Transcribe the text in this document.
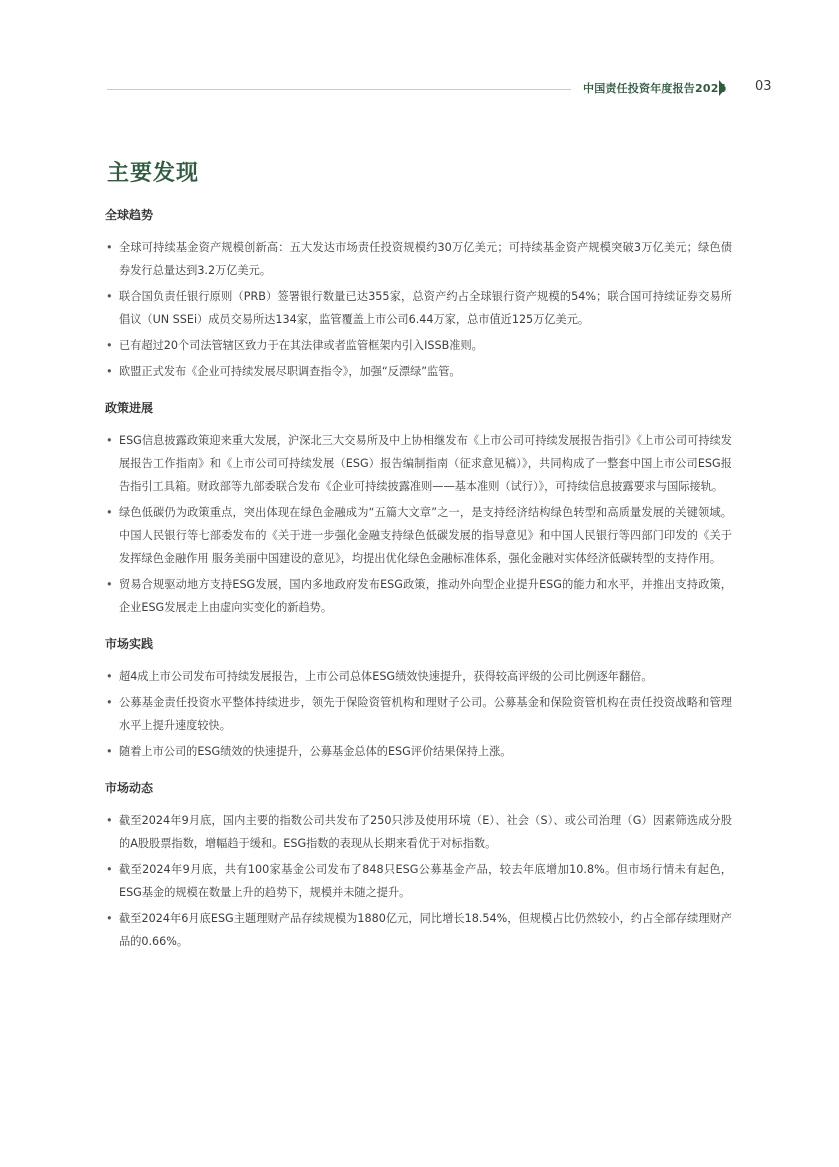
中国责任投资年度报告2024 03
主要发现
全球趋势
• 全球可持续基金资产规模创新高：五大发达市场责任投资规模约30万亿美元；可持续基金资产规模突破3万亿美元；绿色债券发行总量达到3.2万亿美元。
• 联合国负责任银行原则（PRB）签署银行数量已达355家，总资产约占全球银行资产规模的54%；联合国可持续证券交易所倡议（UN SSEi）成员交易所达134家，监管覆盖上市公司6.44万家，总市值近125万亿美元。
• 已有超过20个司法管辖区致力于在其法律或者监管框架内引入ISSB准则。
• 欧盟正式发布《企业可持续发展尽职调查指令》，加强“反漂绿”监管。
政策进展
• ESG信息披露政策迎来重大发展，沪深北三大交易所及中上协相继发布《上市公司可持续发展报告指引》《上市公司可持续发展报告工作指南》和《上市公司可持续发展（ESG）报告编制指南（征求意见稿）》，共同构成了一整套中国上市公司ESG报告指引工具箱。财政部等九部委联合发布《企业可持续披露准则——基本准则（试行）》，可持续信息披露要求与国际接轨。
• 绿色低碳仍为政策重点，突出体现在绿色金融成为“五篇大文章”之一，是支持经济结构绿色转型和高质量发展的关键领域。中国人民银行等七部委发布的《关于进一步强化金融支持绿色低碳发展的指导意见》和中国人民银行等四部门印发的《关于发挥绿色金融作用 服务美丽中国建设的意见》，均提出优化绿色金融标准体系，强化金融对实体经济低碳转型的支持作用。
• 贸易合规驱动地方支持ESG发展，国内多地政府发布ESG政策，推动外向型企业提升ESG的能力和水平，并推出支持政策，企业ESG发展走上由虚向实变化的新趋势。
市场实践
• 超4成上市公司发布可持续发展报告，上市公司总体ESG绩效快速提升，获得较高评级的公司比例逐年翻倍。
• 公募基金责任投资水平整体持续进步，领先于保险资管机构和理财子公司。公募基金和保险资管机构在责任投资战略和管理水平上提升速度较快。
• 随着上市公司的ESG绩效的快速提升，公募基金总体的ESG评价结果保持上涨。
市场动态
• 截至2024年9月底，国内主要的指数公司共发布了250只涉及使用环境（E）、社会（S）、或公司治理（G）因素筛选成分股的A股股票指数，增幅趋于缓和。ESG指数的表现从长期来看优于对标指数。
• 截至2024年9月底，共有100家基金公司发布了848只ESG公募基金产品，较去年底增加10.8%。但市场行情未有起色，ESG基金的规模在数量上升的趋势下，规模并未随之提升。
• 截至2024年6月底ESG主题理财产品存续规模为1880亿元，同比增长18.54%，但规模占比仍然较小，约占全部存续理财产品的0.66%。
